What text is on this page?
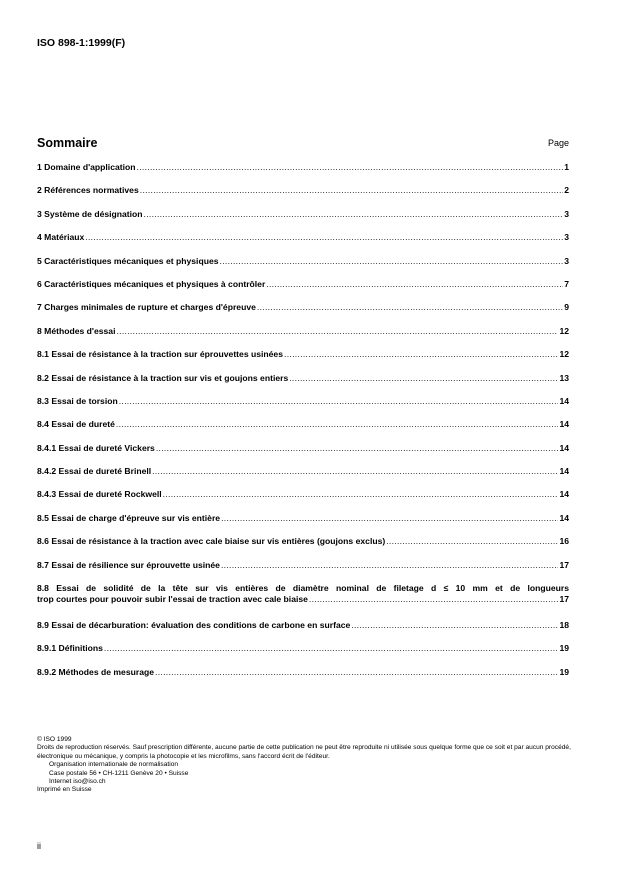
ISO 898-1:1999(F)
Sommaire	Page
1 Domaine d'application .....	1
2 Références normatives .....	2
3 Système de désignation .....	3
4 Matériaux .....	3
5 Caractéristiques mécaniques et physiques .....	3
6 Caractéristiques mécaniques et physiques à contrôler .....	7
7 Charges minimales de rupture et charges d'épreuve .....	9
8 Méthodes d'essai .....	12
8.1 Essai de résistance à la traction sur éprouvettes usinées .....	12
8.2 Essai de résistance à la traction sur vis et goujons entiers .....	13
8.3 Essai de torsion .....	14
8.4 Essai de dureté .....	14
8.4.1 Essai de dureté Vickers .....	14
8.4.2 Essai de dureté Brinell .....	14
8.4.3 Essai de dureté Rockwell .....	14
8.5 Essai de charge d'épreuve sur vis entière .....	14
8.6 Essai de résistance à la traction avec cale biaise sur vis entières (goujons exclus) .....	16
8.7 Essai de résilience sur éprouvette usinée .....	17
8.8 Essai de solidité de la tête sur vis entières de diamètre nominal de filetage d ≤ 10 mm et de longueurs
trop courtes pour pouvoir subir l'essai de traction avec cale biaise .....	17
8.9 Essai de décarburation: évaluation des conditions de carbone en surface .....	18
8.9.1 Définitions .....	19
8.9.2 Méthodes de mesurage .....	19
© ISO 1999
Droits de reproduction réservés. Sauf prescription différente, aucune partie de cette publication ne peut être reproduite ni utilisée sous quelque forme que ce soit et par aucun procédé, électronique ou mécanique, y compris la photocopie et les microfilms, sans l'accord écrit de l'éditeur.
Organisation internationale de normalisation
Case postale 56 • CH-1211 Genève 20 • Suisse
Internet iso@iso.ch
Imprimé en Suisse
ii
